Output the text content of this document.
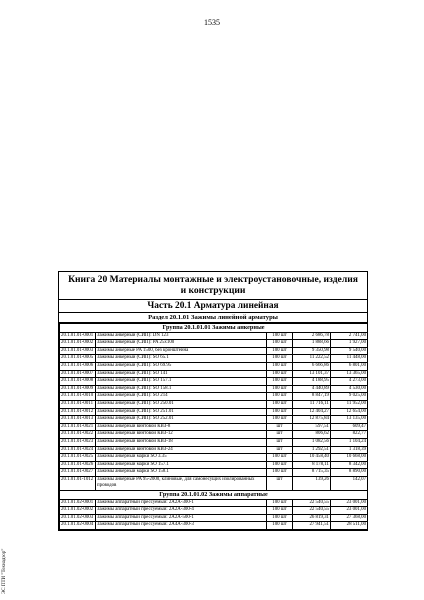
1535
ЭС ПТИ "Технадзор"
Книга 20 Материалы монтажные и электроустановочные, изделия и конструкции
Часть 20.1 Арматура линейная
Раздел 20.1.01 Зажимы линейной арматуры
Группа 20.1.01.01 Зажимы анкерные				
20.1.01.01-0001	Зажимы анкерный (СИП): DN 123	100 шт	2 686,78	2 741,00
20.1.01.01-0002	Зажимы анкерный (СИП): PA 25x100	100 шт	1 888,66	1 927,00
20.1.01.01-0003	Зажимы анкерные PA 1500, без кронштейна	100 шт	9 350,98	9 540,00
20.1.01.01-0005	Зажимы анкерный (СИП): SO 65.1	100 шт	11 222,52	11 448,00
20.1.01.01-0006	Зажимы анкерный (СИП): SO 69.95	100 шт	6 666,86	6 801,00
20.1.01.01-0007	Зажимы анкерный (СИП): SO 141	100 шт	13 101,37	13 365,00
20.1.01.01-0008	Зажимы анкерный (СИП): SO 157.1	100 шт	4 188,95	4 273,00
20.1.01.01-0009	Зажимы анкерный (СИП): SO 158.1	100 шт	4 440,89	4 530,00
20.1.01.01-0010	Зажимы анкерный (СИП): SO 214	100 шт	8 847,19	9 025,00
20.1.01.01-0011	Зажимы анкерный (СИП): SO 250.01	100 шт	11 716,11	11 952,00
20.1.01.01-0012	Зажимы анкерный (СИП): SO 251.01	100 шт	12 404,27	12 654,00
20.1.01.01-0013	Зажимы анкерный (СИП): SO 252.01	100 шт	12 875,84	13 135,00
20.1.01.01-0021	Зажимы анкерный винтовой КВЗ-8	шт	597,51	609,47
20.1.01.01-0022	Зажимы анкерный винтовой КВЗ-12	шт	806,62	822,77
20.1.01.01-0023	Зажимы анкерный винтовой КВЗ-18	шт	1 082,56	1 104,24
20.1.01.01-0024	Зажимы анкерный винтовой КВЗ-24	шт	1 292,51	1 318,39
20.1.01.01-0025	Зажимы анкерный марки SO 3.35	100 шт	10 458,40	10 668,00
20.1.01.01-0026	Зажимы анкерный марки SO 157.1	100 шт	8 178,11	8 342,00
20.1.01.01-0027	Зажимы анкерный марки SO 158.1	100 шт	8 715,35	8 890,00
20.1.01.01-1012	Зажимы анкерные PA 95-2000, клиновые, для самонесущих изолированных проводов	шт	139,26	142,07
Группа 20.1.01.02 Зажимы аппаратные				
20.1.01.02-0001	Зажимы аппаратный прессуемый: 2А2А-300-1	100 шт	22 540,55	23 001,00
20.1.01.02-0002	Зажимы аппаратный прессуемый: 2А2А-300-4	100 шт	22 540,55	23 001,00
20.1.01.02-0003	Зажимы аппаратный прессуемый: 2А2А-500-1	100 шт	26 819,31	27 368,00
20.1.01.02-0004	Зажимы аппаратный прессуемый: 2А4А-300-3	100 шт	27 941,51	28 511,00
